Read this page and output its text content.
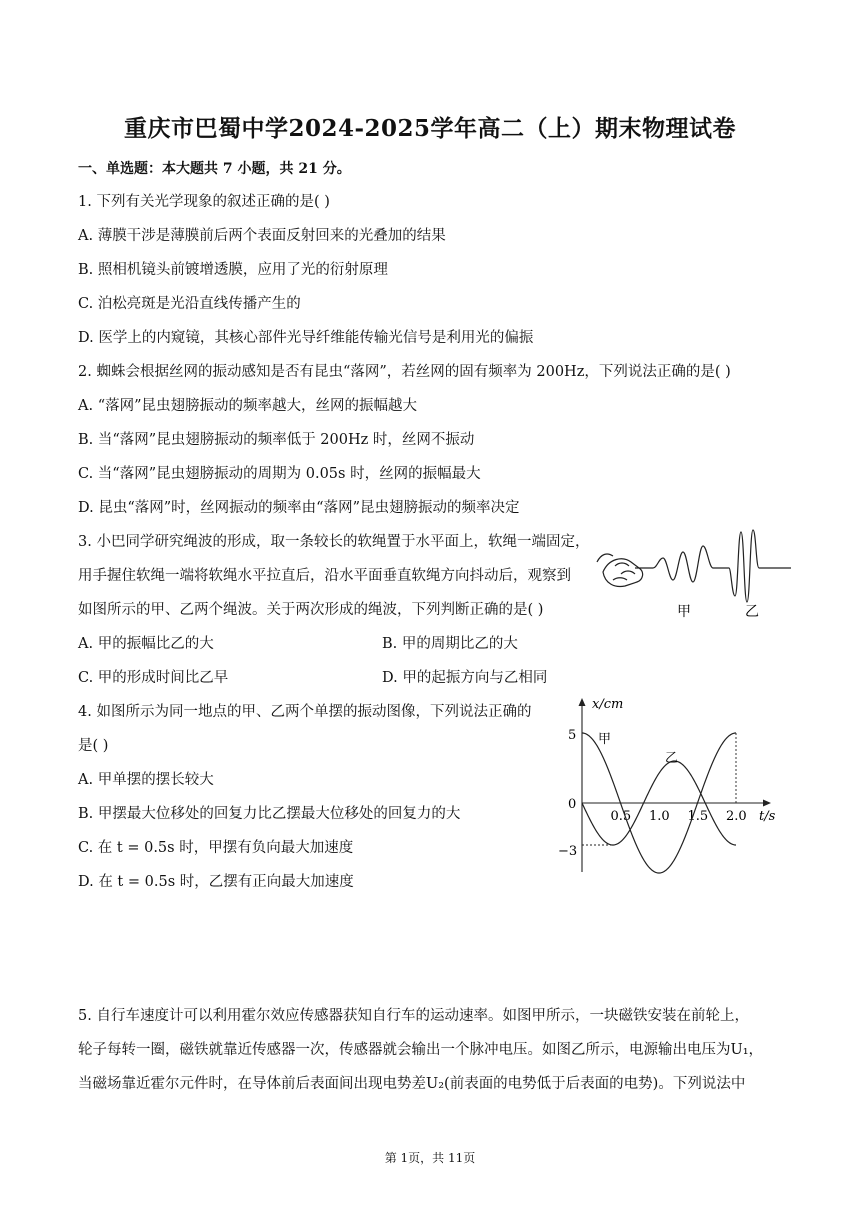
重庆市巴蜀中学2024-2025学年高二（上）期末物理试卷
一、单选题：本大题共 7 小题，共 21 分。
1. 下列有关光学现象的叙述正确的是( )
A. 薄膜干涉是薄膜前后两个表面反射回来的光叠加的结果
B. 照相机镜头前镀增透膜，应用了光的衍射原理
C. 泊松亮斑是光沿直线传播产生的
D. 医学上的内窥镜，其核心部件光导纤维能传输光信号是利用光的偏振
2. 蜘蛛会根据丝网的振动感知是否有昆虫“落网”，若丝网的固有频率为 200Hz，下列说法正确的是( )
A. “落网”昆虫翅膀振动的频率越大，丝网的振幅越大
B. 当“落网”昆虫翅膀振动的频率低于 200Hz 时，丝网不振动
C. 当“落网”昆虫翅膀振动的周期为 0.05s 时，丝网的振幅最大
D. 昆虫“落网”时，丝网振动的频率由“落网”昆虫翅膀振动的频率决定
3. 小巴同学研究绳波的形成，取一条较长的软绳置于水平面上，软绳一端固定，
用手握住软绳一端将软绳水平拉直后，沿水平面垂直软绳方向抖动后，观察到
如图所示的甲、乙两个绳波。关于两次形成的绳波，下列判断正确的是( )
A. 甲的振幅比乙的大	B. 甲的周期比乙的大
C. 甲的形成时间比乙早	D. 甲的起振方向与乙相同
甲	乙
4. 如图所示为同一地点的甲、乙两个单摆的振动图像，下列说法正确的
是( )
A. 甲单摆的摆长较大
B. 甲摆最大位移处的回复力比乙摆最大位移处的回复力的大
C. 在 t = 0.5s 时，甲摆有负向最大加速度
D. 在 t = 0.5s 时，乙摆有正向最大加速度
x/cm
t/s
5
0
−3
0.5 1.0 1.5 2.0
甲
乙
5. 自行车速度计可以利用霍尔效应传感器获知自行车的运动速率。如图甲所示，一块磁铁安装在前轮上，
轮子每转一圈，磁铁就靠近传感器一次，传感器就会输出一个脉冲电压。如图乙所示，电源输出电压为U₁，
当磁场靠近霍尔元件时，在导体前后表面间出现电势差U₂(前表面的电势低于后表面的电势)。下列说法中
第 1页，共 11页
